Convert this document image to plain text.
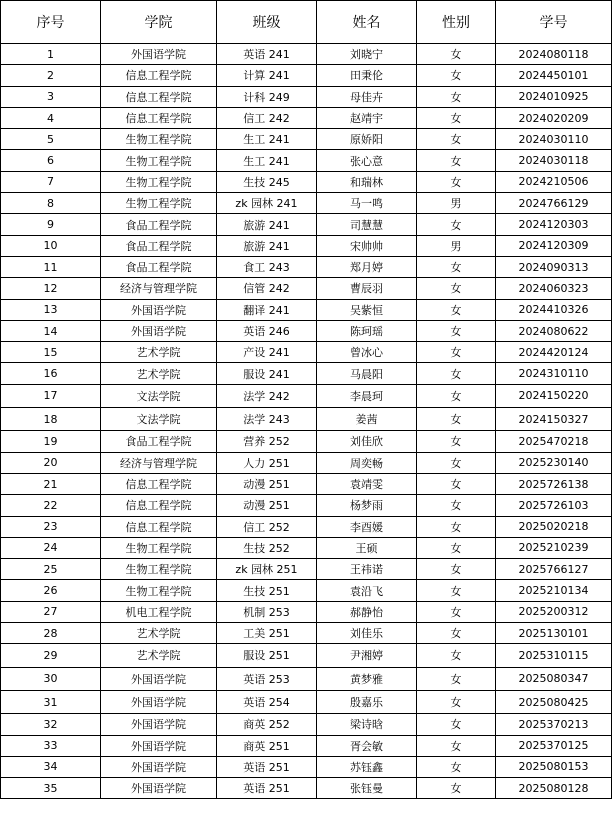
序号	学院	班级	姓名	性别	学号
1	外国语学院	英语 241	刘晓宁	女	2024080118
2	信息工程学院	计算 241	田秉伦	女	2024450101
3	信息工程学院	计科 249	母佳卉	女	2024010925
4	信息工程学院	信工 242	赵靖宇	女	2024020209
5	生物工程学院	生工 241	原娇阳	女	2024030110
6	生物工程学院	生工 241	张心意	女	2024030118
7	生物工程学院	生技 245	和瑞林	女	2024210506
8	生物工程学院	zk 园林 241	马一鸣	男	2024766129
9	食品工程学院	旅游 241	司慧慧	女	2024120303
10	食品工程学院	旅游 241	宋帅帅	男	2024120309
11	食品工程学院	食工 243	郑月婷	女	2024090313
12	经济与管理学院	信管 242	曹辰羽	女	2024060323
13	外国语学院	翻译 241	吴紫恒	女	2024410326
14	外国语学院	英语 246	陈珂瑶	女	2024080622
15	艺术学院	产设 241	曾冰心	女	2024420124
16	艺术学院	服设 241	马晨阳	女	2024310110
17	文法学院	法学 242	李晨珂	女	2024150220
18	文法学院	法学 243	姜茜	女	2024150327
19	食品工程学院	营养 252	刘佳欣	女	2025470218
20	经济与管理学院	人力 251	周奕畅	女	2025230140
21	信息工程学院	动漫 251	袁靖雯	女	2025726138
22	信息工程学院	动漫 251	杨梦雨	女	2025726103
23	信息工程学院	信工 252	李酉媛	女	2025020218
24	生物工程学院	生技 252	王硕	女	2025210239
25	生物工程学院	zk 园林 251	王祎诺	女	2025766127
26	生物工程学院	生技 251	袁沿飞	女	2025210134
27	机电工程学院	机制 253	郝静怡	女	2025200312
28	艺术学院	工美 251	刘佳乐	女	2025130101
29	艺术学院	服设 251	尹湘婷	女	2025310115
30	外国语学院	英语 253	黄梦雅	女	2025080347
31	外国语学院	英语 254	殷嘉乐	女	2025080425
32	外国语学院	商英 252	梁诗晗	女	2025370213
33	外国语学院	商英 251	胥会敏	女	2025370125
34	外国语学院	英语 251	苏钰鑫	女	2025080153
35	外国语学院	英语 251	张钰曼	女	2025080128
